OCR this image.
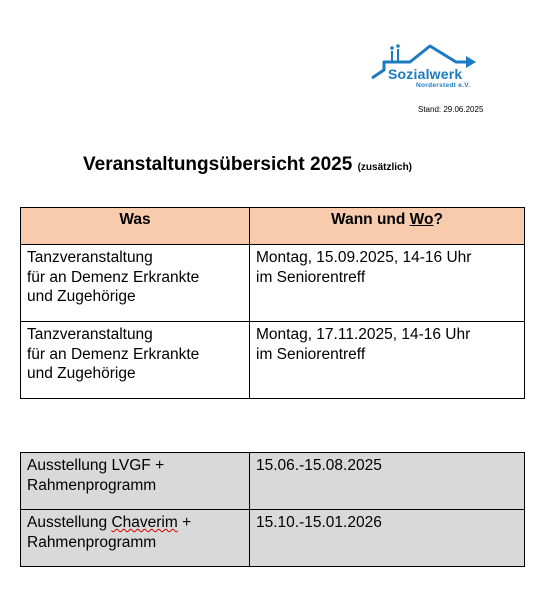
Sozialwerk
Norderstedt e.V.
Stand: 29.06.2025
Veranstaltungsübersicht 2025 (zusätzlich)
Was	Wann und Wo?

Tanzveranstaltung
für an Demenz Erkrankte
und Zugehörige	Montag, 15.09.2025, 14-16 Uhr
im Seniorentreff

Tanzveranstaltung
für an Demenz Erkrankte
und Zugehörige	Montag, 17.11.2025, 14-16 Uhr
im Seniorentreff
Ausstellung LVGF +
Rahmenprogramm	15.06.-15.08.2025

Ausstellung Chaverim +
Rahmenprogramm	15.10.-15.01.2026
